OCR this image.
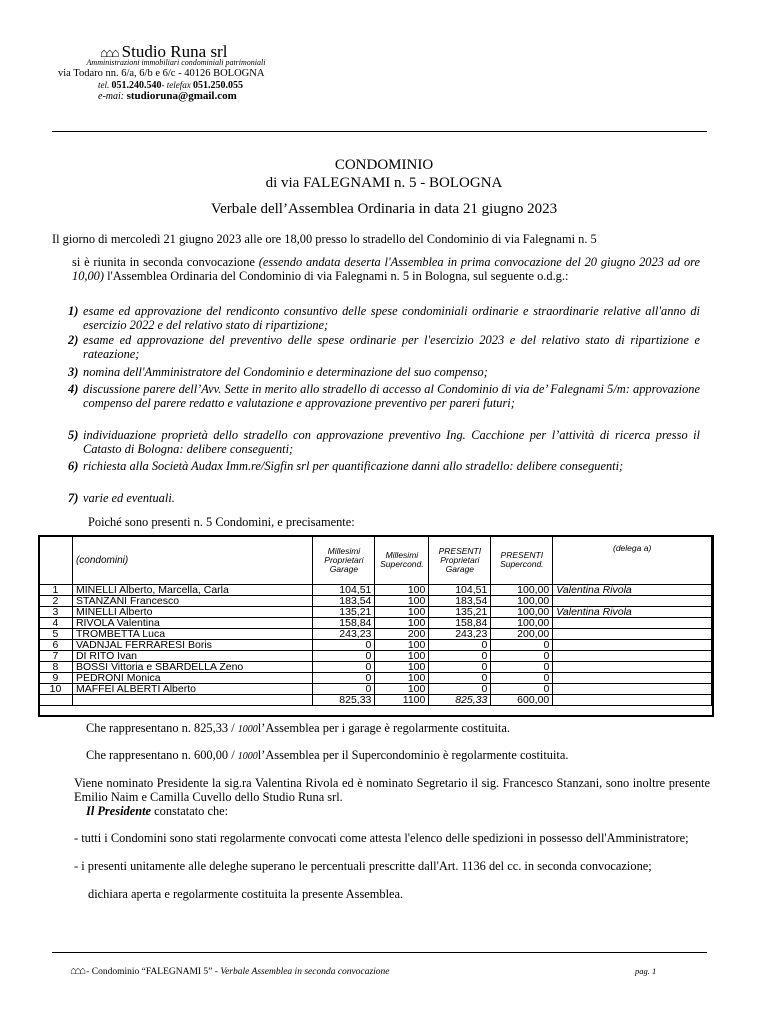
⌂⌂⌂ Studio Runa srl
Amministrazioni immobiliari condominiali patrimoniali
via Todaro nn. 6/a, 6/b e 6/c - 40126 BOLOGNA
tel. 051.240.540- telefax 051.250.055
e-mai: studioruna@gmail.com
CONDOMINIO
di via FALEGNAMI n. 5 - BOLOGNA
Verbale dell’Assemblea Ordinaria in data 21 giugno 2023
Il giorno di mercoledì 21 giugno 2023 alle ore 18,00 presso lo stradello del Condominio di via Falegnami n. 5
si è riunita in seconda convocazione (essendo andata deserta l'Assemblea in prima convocazione del 20 giugno 2023 ad ore 10,00) l'Assemblea Ordinaria del Condominio di via Falegnami n. 5 in Bologna, sul seguente o.d.g.:
1) esame ed approvazione del rendiconto consuntivo delle spese condominiali ordinarie e straordinarie relative all'anno di esercizio 2022 e del relativo stato di ripartizione;
2) esame ed approvazione del preventivo delle spese ordinarie per l'esercizio 2023 e del relativo stato di ripartizione e rateazione;
3) nomina dell'Amministratore del Condominio e determinazione del suo compenso;
4) discussione parere dell’Avv. Sette in merito allo stradello di accesso al Condominio di via de’ Falegnami 5/m: approvazione compenso del parere redatto e valutazione e approvazione preventivo per pareri futuri;
5) individuazione proprietà dello stradello con approvazione preventivo Ing. Cacchione per l’attività di ricerca presso il Catasto di Bologna: delibere conseguenti;
6) richiesta alla Società Audax Imm.re/Sigfin srl per quantificazione danni allo stradello: delibere conseguenti;
7) varie ed eventuali.
Poiché sono presenti n. 5 Condomini, e precisamente:
	(condomini)	Millesimi Proprietari Garage	Millesimi Supercond.	PRESENTI Proprietari Garage	PRESENTI Supercond.	(delega a)
1	MINELLI Alberto, Marcella, Carla	104,51	100	104,51	100,00	Valentina Rivola
2	STANZANI Francesco	183,54	100	183,54	100,00	
3	MINELLI Alberto	135,21	100	135,21	100,00	Valentina Rivola
4	RIVOLA Valentina	158,84	100	158,84	100,00	
5	TROMBETTA Luca	243,23	200	243,23	200,00	
6	VADNJAL FERRARESI Boris	0	100	0	0	
7	DI RITO Ivan	0	100	0	0	
8	BOSSI Vittoria e SBARDELLA Zeno	0	100	0	0	
9	PEDRONI Monica	0	100	0	0	
10	MAFFEI ALBERTI Alberto	0	100	0	0	
		825,33	1100	825,33	600,00	
Che rappresentano n. 825,33 / 1000l’Assemblea per i garage è regolarmente costituita.
Che rappresentano n. 600,00 / 1000l’Assemblea per il Supercondominio è regolarmente costituita.
Viene nominato Presidente la sig.ra Valentina Rivola ed è nominato Segretario il sig. Francesco Stanzani, sono inoltre presente Emilio Naim e Camilla Cuvello dello Studio Runa srl.
Il Presidente constatato che:
- tutti i Condomini sono stati regolarmente convocati come attesta l'elenco delle spedizioni in possesso dell'Amministratore;
- i presenti unitamente alle deleghe superano le percentuali prescritte dall'Art. 1136 del cc. in seconda convocazione;
dichiara aperta e regolarmente costituita la presente Assemblea.
⌂⌂⌂ - Condominio “FALEGNAMI 5” - Verbale Assemblea in seconda convocazione	pag. 1
